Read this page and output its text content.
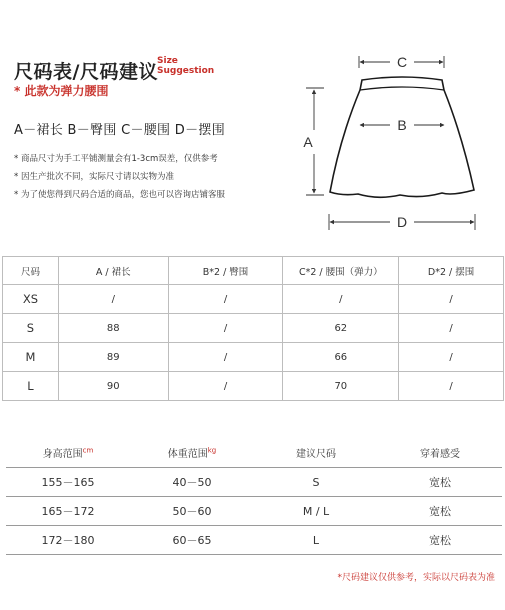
尺码表/尺码建议 Size
Suggestion
* 此款为弹力腰围
A－裙长 B－臀围 C－腰围 D－摆围
* 商品尺寸为手工平铺测量会有1-3cm误差，仅供参考
* 因生产批次不同，实际尺寸请以实物为准
* 为了使您得到尺码合适的商品，您也可以咨询店铺客服
C
B
A
D
尺码	A / 裙长	B*2 / 臀围	C*2 / 腰围（弹力）	D*2 / 摆围
XS	/	/	/	/
S	88	/	62	/
M	89	/	66	/
L	90	/	70	/
身高范围$^{cm}$	体重范围$^{kg}$	建议尺码	穿着感受
155－165	40－50	S	宽松
165－172	50－60	M / L	宽松
172－180	60－65	L	宽松
*尺码建议仅供参考，实际以尺码表为准
